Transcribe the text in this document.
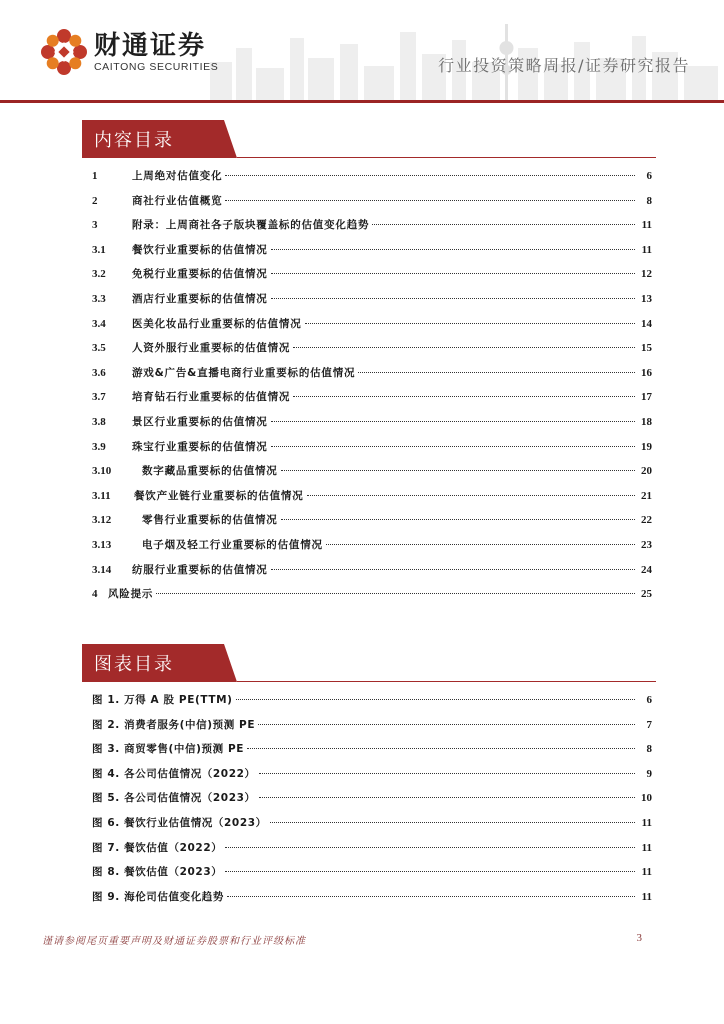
财通证券
CAITONG SECURITIES	行业投资策略周报/证券研究报告
内容目录
1	上周绝对估值变化	6
2	商社行业估值概览	8
3	附录：上周商社各子版块覆盖标的估值变化趋势	11
3.1	餐饮行业重要标的估值情况	11
3.2	免税行业重要标的估值情况	12
3.3	酒店行业重要标的估值情况	13
3.4	医美化妆品行业重要标的估值情况	14
3.5	人资外服行业重要标的估值情况	15
3.6	游戏&广告&直播电商行业重要标的估值情况	16
3.7	培育钻石行业重要标的估值情况	17
3.8	景区行业重要标的估值情况	18
3.9	珠宝行业重要标的估值情况	19
3.10	数字藏品重要标的估值情况	20
3.11	餐饮产业链行业重要标的估值情况	21
3.12	零售行业重要标的估值情况	22
3.13	电子烟及轻工行业重要标的估值情况	23
3.14	纺服行业重要标的估值情况	24
4	风险提示	25
图表目录
图 1. 万得 A 股 PE(TTM)	6
图 2. 消费者服务(中信)预测 PE	7
图 3. 商贸零售(中信)预测 PE	8
图 4. 各公司估值情况（2022）	9
图 5. 各公司估值情况（2023）	10
图 6. 餐饮行业估值情况（2023）	11
图 7. 餐饮估值（2022）	11
图 8. 餐饮估值（2023）	11
图 9. 海伦司估值变化趋势	11
谨请参阅尾页重要声明及财通证券股票和行业评级标准	3
